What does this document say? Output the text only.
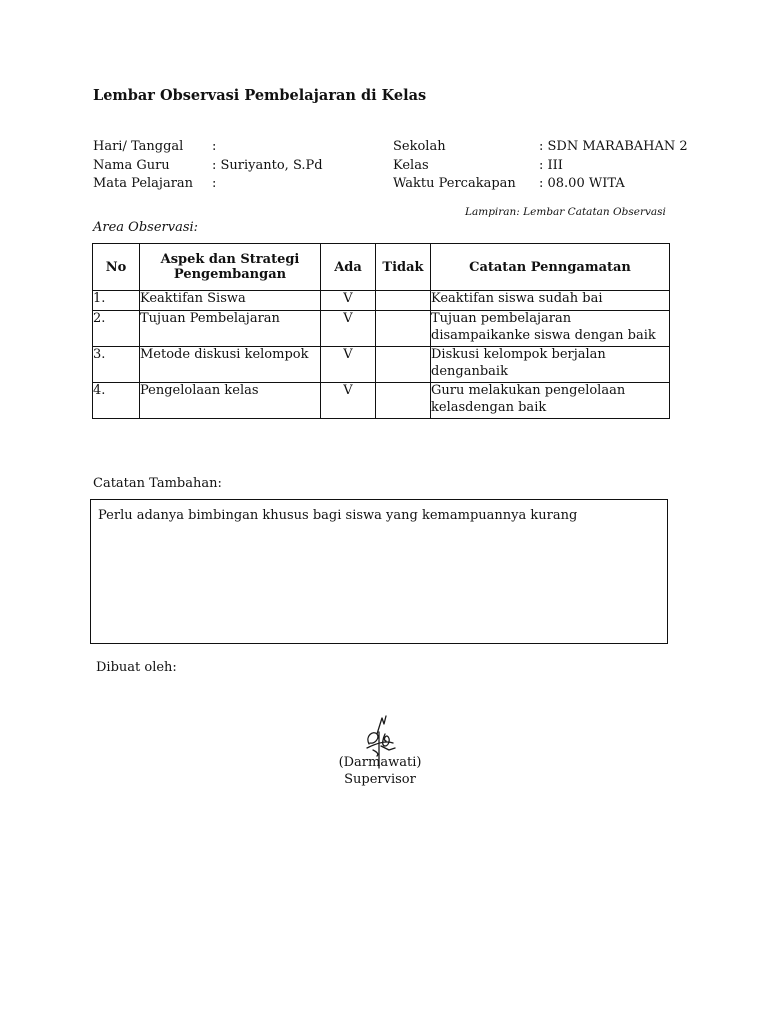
Lembar Observasi Pembelajaran di Kelas
Hari/ Tanggal	:
Nama Guru	: Suriyanto, S.Pd
Mata Pelajaran	:
Sekolah	: SDN MARABAHAN 2
Kelas	: III
Waktu Percakapan	: 08.00 WITA
Lampiran: Lembar Catatan Observasi
Area Observasi:
No	Aspek dan Strategi Pengembangan	Ada	Tidak	Catatan Penngamatan
1.	Keaktifan Siswa	V		Keaktifan siswa sudah bai
2.	Tujuan Pembelajaran	V		Tujuan pembelajaran disampaikanke siswa dengan baik
3.	Metode diskusi kelompok	V		Diskusi kelompok berjalan denganbaik
4.	Pengelolaan kelas	V		Guru melakukan pengelolaan kelasdengan baik
Catatan Tambahan:
Perlu adanya bimbingan khusus bagi siswa yang kemampuannya kurang
Dibuat oleh:
(Darmawati)
Supervisor
